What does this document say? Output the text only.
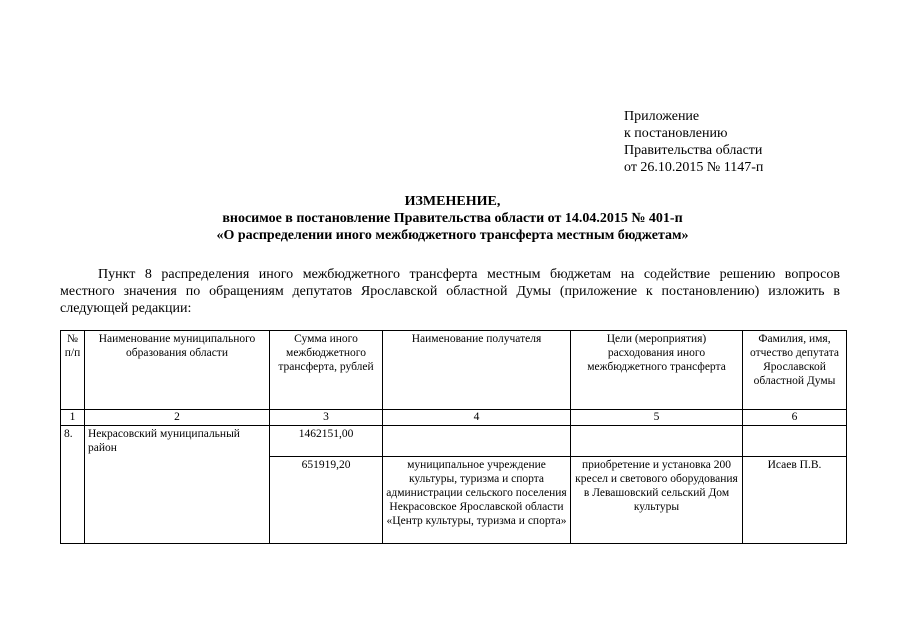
Приложение
к постановлению
Правительства области
от 26.10.2015 № 1147-п
ИЗМЕНЕНИЕ,
вносимое в постановление Правительства области от 14.04.2015 № 401-п
«О распределении иного межбюджетного трансферта местным бюджетам»
Пункт 8 распределения иного межбюджетного трансферта местным бюджетам на содействие решению вопросов
местного значения по обращениям депутатов Ярославской областной Думы (приложение к постановлению) изложить в
следующей редакции:
№ п/п	Наименование муниципального образования области	Сумма иного межбюджетного трансферта, рублей	Наименование получателя	Цели (мероприятия) расходования иного межбюджетного трансферта	Фамилия, имя, отчество депутата Ярославской областной Думы
1	2	3	4	5	6
8.	Некрасовский муниципальный район	1462151,00			
		651919,20	муниципальное учреждение культуры, туризма и спорта администрации сельского поселения Некрасовское Ярославской области «Центр культуры, туризма и спорта»	приобретение и установка 200 кресел и светового оборудования в Левашовский сельский Дом культуры	Исаев П.В.
